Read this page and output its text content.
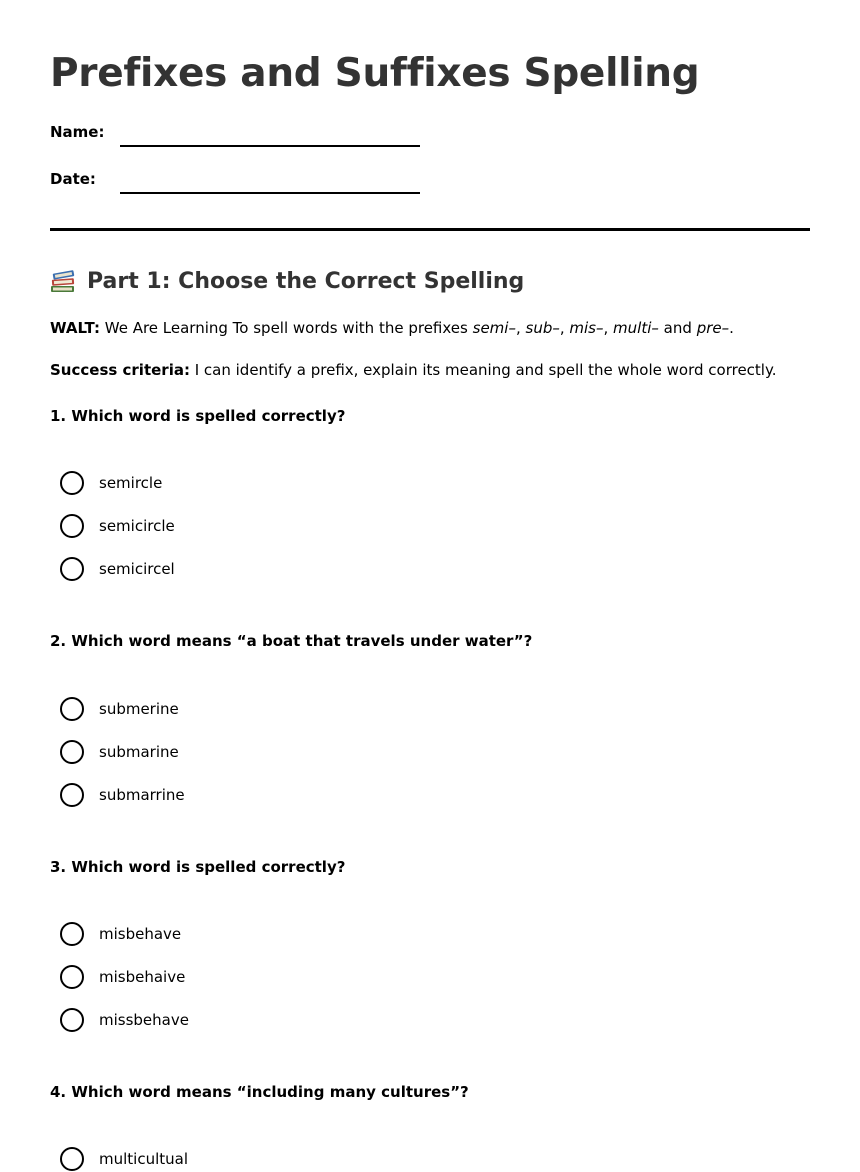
Prefixes and Suffixes Spelling
Name:
Date:
Part 1: Choose the Correct Spelling

WALT: We Are Learning To spell words with the prefixes semi–, sub–, mis–, multi– and pre–.

Success criteria: I can identify a prefix, explain its meaning and spell the whole word correctly.

1. Which word is spelled correctly?

semircle
semicircle
semicircel

2. Which word means “a boat that travels under water”?

submerine
submarine
submarrine

3. Which word is spelled correctly?

misbehave
misbehaive
missbehave

4. Which word means “including many cultures”?

multicultual
